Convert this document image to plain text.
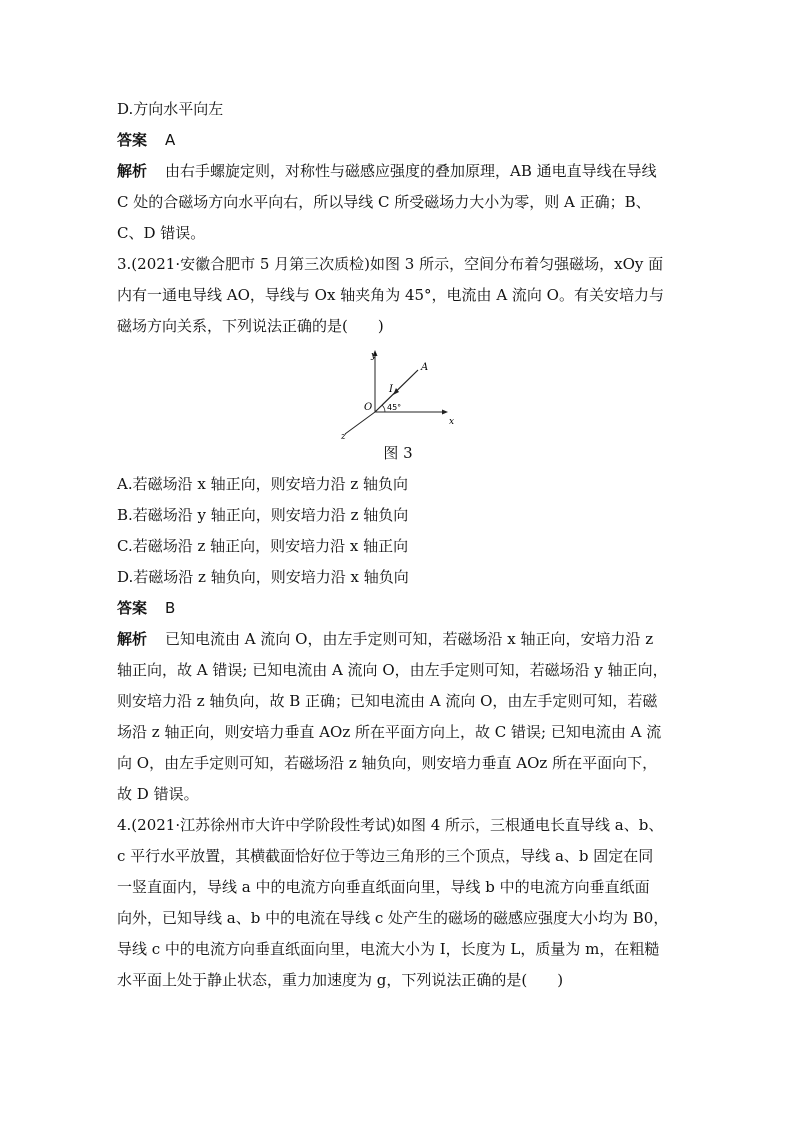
D.方向水平向左
答案 A
解析 由右手螺旋定则，对称性与磁感应强度的叠加原理，AB 通电直导线在导线
C 处的合磁场方向水平向右，所以导线 C 所受磁场力大小为零，则 A 正确；B、
C、D 错误。
3.(2021·安徽合肥市 5 月第三次质检)如图 3 所示，空间分布着匀强磁场，xOy 面
内有一通电导线 AO，导线与 Ox 轴夹角为 45°，电流由 A 流向 O。有关安培力与
磁场方向关系，下列说法正确的是(　　)
y
x
z
O
A
I
45°
图 3
A.若磁场沿 x 轴正向，则安培力沿 z 轴负向
B.若磁场沿 y 轴正向，则安培力沿 z 轴负向
C.若磁场沿 z 轴正向，则安培力沿 x 轴正向
D.若磁场沿 z 轴负向，则安培力沿 x 轴负向
答案 B
解析 已知电流由 A 流向 O，由左手定则可知，若磁场沿 x 轴正向，安培力沿 z
轴正向，故 A 错误; 已知电流由 A 流向 O，由左手定则可知，若磁场沿 y 轴正向，
则安培力沿 z 轴负向，故 B 正确；已知电流由 A 流向 O，由左手定则可知，若磁
场沿 z 轴正向，则安培力垂直 AOz 所在平面方向上，故 C 错误; 已知电流由 A 流
向 O，由左手定则可知，若磁场沿 z 轴负向，则安培力垂直 AOz 所在平面向下，
故 D 错误。
4.(2021·江苏徐州市大许中学阶段性考试)如图 4 所示，三根通电长直导线 a、b、
c 平行水平放置，其横截面恰好位于等边三角形的三个顶点，导线 a、b 固定在同
一竖直面内，导线 a 中的电流方向垂直纸面向里，导线 b 中的电流方向垂直纸面
向外，已知导线 a、b 中的电流在导线 c 处产生的磁场的磁感应强度大小均为 B0，
导线 c 中的电流方向垂直纸面向里，电流大小为 I，长度为 L，质量为 m，在粗糙
水平面上处于静止状态，重力加速度为 g，下列说法正确的是(　　)
